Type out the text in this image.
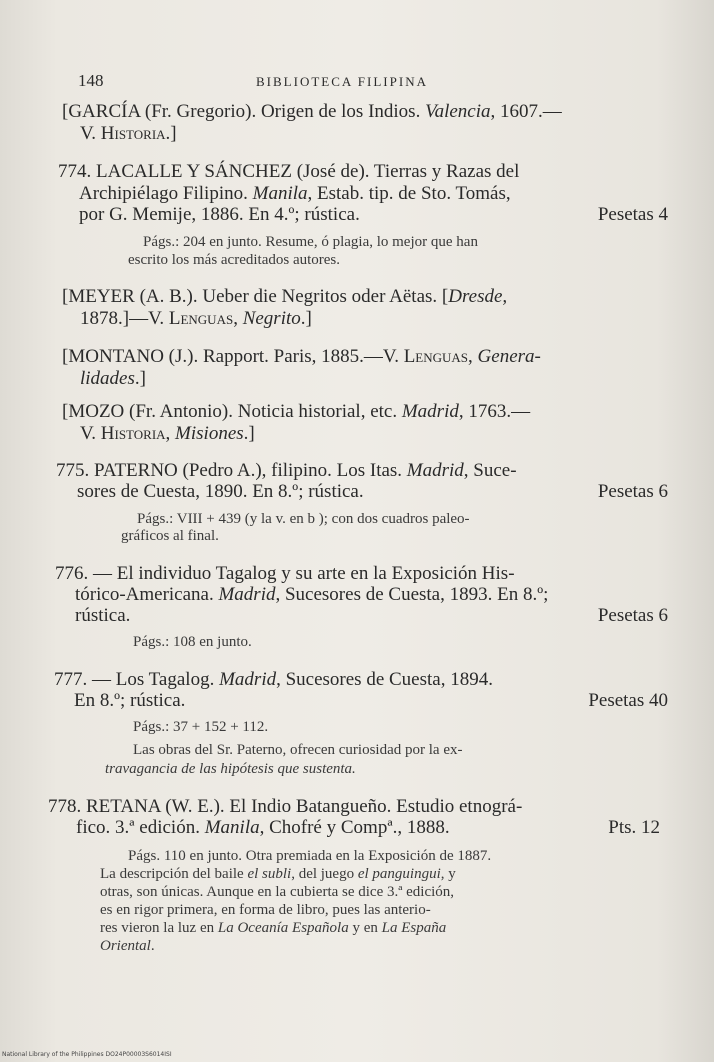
148	BIBLIOTECA FILIPINA
[GARCÍA (Fr. Gregorio). Origen de los Indios. Valencia, 1607.—
V. Historia.]
774. LACALLE Y SÁNCHEZ (José de). Tierras y Razas del
Archipiélago Filipino. Manila, Estab. tip. de Sto. Tomás,
por G. Memije, 1886. En 4.º; rústica.	Pesetas 4
Págs.: 204 en junto. Resume, ó plagia, lo mejor que han
escrito los más acreditados autores.
[MEYER (A. B.). Ueber die Negritos oder Aëtas. [Dresde,
1878.]—V. Lenguas, Negrito.]
[MONTANO (J.). Rapport. Paris, 1885.—V. Lenguas, Genera-
lidades.]
[MOZO (Fr. Antonio). Noticia historial, etc. Madrid, 1763.—
V. Historia, Misiones.]
775. PATERNO (Pedro A.), filipino. Los Itas. Madrid, Suce-
sores de Cuesta, 1890. En 8.º; rústica.	Pesetas 6
Págs.: VIII + 439 (y la v. en b ); con dos cuadros paleo-
gráficos al final.
776. — El individuo Tagalog y su arte en la Exposición His-
tórico-Americana. Madrid, Sucesores de Cuesta, 1893. En 8.º;
rústica.	Pesetas 6
Págs.: 108 en junto.
777. — Los Tagalog. Madrid, Sucesores de Cuesta, 1894.
En 8.º; rústica.	Pesetas 40
Págs.: 37 + 152 + 112.
Las obras del Sr. Paterno, ofrecen curiosidad por la ex-
travagancia de las hipótesis que sustenta.
778. RETANA (W. E.). El Indio Batangueño. Estudio etnográ-
fico. 3.ª edición. Manila, Chofré y Compª., 1888.	Pts. 12
Págs. 110 en junto. Otra premiada en la Exposición de 1887.
La descripción del baile el subli, del juego el panguingui, y
otras, son únicas. Aunque en la cubierta se dice 3.ª edición,
es en rigor primera, en forma de libro, pues las anterio-
res vieron la luz en La Oceanía Española y en La España
Oriental.
National Library of the Philippines DO24P00003S6014ISI
